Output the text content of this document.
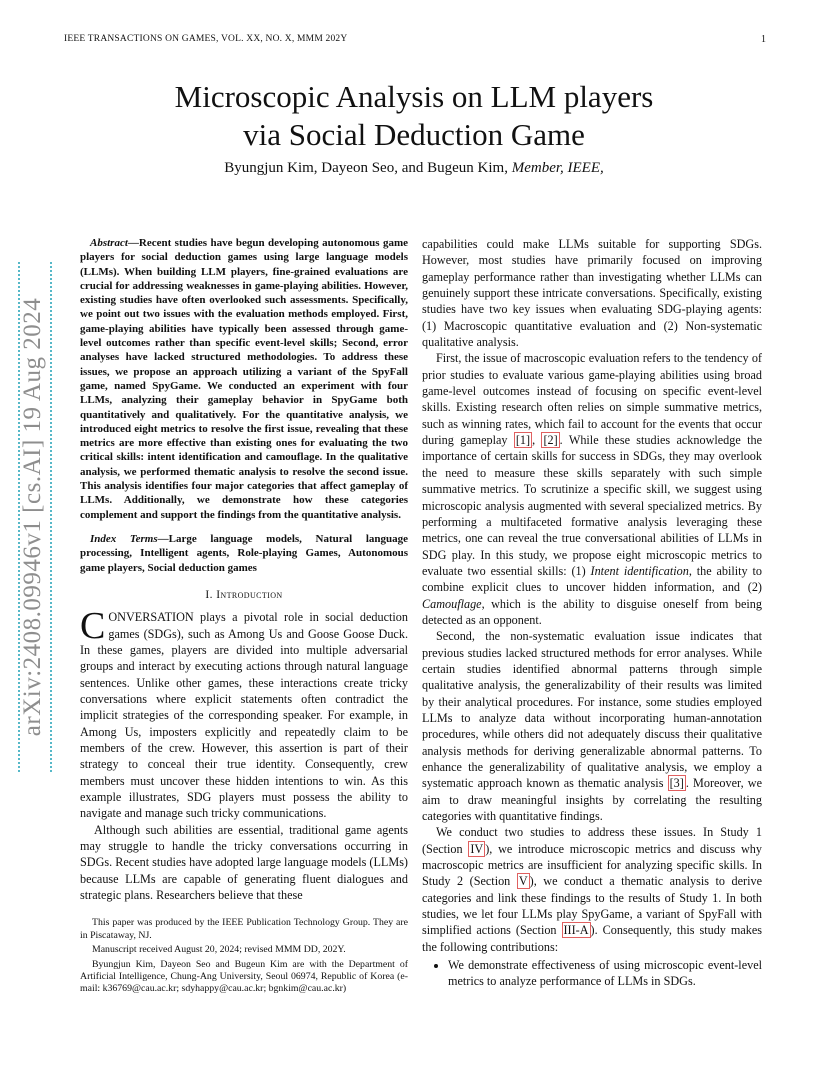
IEEE TRANSACTIONS ON GAMES, VOL. XX, NO. X, MMM 202Y	1
Microscopic Analysis on LLM players
via Social Deduction Game
Byungjun Kim, Dayeon Seo, and Bugeun Kim, Member, IEEE,
arXiv:2408.09946v1 [cs.AI] 19 Aug 2024

Abstract—Recent studies have begun developing autonomous game players for social deduction games using large language models (LLMs). When building LLM players, fine-grained evaluations are crucial for addressing weaknesses in game-playing abilities. However, existing studies have often overlooked such assessments. Specifically, we point out two issues with the evaluation methods employed. First, game-playing abilities have typically been assessed through game-level outcomes rather than specific event-level skills; Second, error analyses have lacked structured methodologies. To address these issues, we propose an approach utilizing a variant of the SpyFall game, named SpyGame. We conducted an experiment with four LLMs, analyzing their gameplay behavior in SpyGame both quantitatively and qualitatively. For the quantitative analysis, we introduced eight metrics to resolve the first issue, revealing that these metrics are more effective than existing ones for evaluating the two critical skills: intent identification and camouflage. In the qualitative analysis, we performed thematic analysis to resolve the second issue. This analysis identifies four major categories that affect gameplay of LLMs. Additionally, we demonstrate how these categories complement and support the findings from the quantitative analysis.

Index Terms—Large language models, Natural language processing, Intelligent agents, Role-playing Games, Autonomous game players, Social deduction games

I. Introduction

CONVERSATION plays a pivotal role in social deduction games (SDGs), such as Among Us and Goose Goose Duck. In these games, players are divided into multiple adversarial groups and interact by executing actions through natural language sentences. Unlike other games, these interactions create tricky conversations where explicit statements often contradict the implicit strategies of the corresponding speaker. For example, in Among Us, imposters explicitly and repeatedly claim to be members of the crew. However, this assertion is part of their strategy to conceal their true identity. Consequently, crew members must uncover these hidden intentions to win. As this example illustrates, SDG players must possess the ability to navigate and manage such tricky communications.

Although such abilities are essential, traditional game agents may struggle to handle the tricky conversations occurring in SDGs. Recent studies have adopted large language models (LLMs) because LLMs are capable of generating fluent dialogues and strategic plans. Researchers believe that these

This paper was produced by the IEEE Publication Technology Group. They are in Piscataway, NJ.

Manuscript received August 20, 2024; revised MMM DD, 202Y.

Byungjun Kim, Dayeon Seo and Bugeun Kim are with the Department of Artificial Intelligence, Chung-Ang University, Seoul 06974, Republic of Korea (e-mail: k36769@cau.ac.kr; sdyhappy@cau.ac.kr; bgnkim@cau.ac.kr)

capabilities could make LLMs suitable for supporting SDGs. However, most studies have primarily focused on improving gameplay performance rather than investigating whether LLMs can genuinely support these intricate conversations. Specifically, existing studies have two key issues when evaluating SDG-playing agents: (1) Macroscopic quantitative evaluation and (2) Non-systematic qualitative analysis.

First, the issue of macroscopic evaluation refers to the tendency of prior studies to evaluate various game-playing abilities using broad game-level outcomes instead of focusing on specific event-level skills. Existing research often relies on simple summative metrics, such as winning rates, which fail to account for the events that occur during gameplay [1] , [2] . While these studies acknowledge the importance of certain skills for success in SDGs, they may overlook the need to measure these skills separately with such simple summative metrics. To scrutinize a specific skill, we suggest using microscopic analysis augmented with several specialized metrics. By performing a multifaceted formative analysis leveraging these metrics, one can reveal the true conversational abilities of LLMs in SDG play. In this study, we propose eight microscopic metrics to evaluate two essential skills: (1) Intent identification, the ability to combine explicit clues to uncover hidden information, and (2) Camouflage, which is the ability to disguise oneself from being detected as an opponent.

Second, the non-systematic evaluation issue indicates that previous studies lacked structured methods for error analyses. While certain studies identified abnormal patterns through simple qualitative analysis, the generalizability of their results was limited by their analytical procedures. For instance, some studies employed LLMs to analyze data without incorporating human-annotation procedures, while others did not adequately discuss their qualitative analysis methods for deriving generalizable abnormal patterns. To enhance the generalizability of qualitative analysis, we employ a systematic approach known as thematic analysis [3] . Moreover, we aim to draw meaningful insights by correlating the resulting categories with quantitative findings.

We conduct two studies to address these issues. In Study 1 (Section IV ), we introduce microscopic metrics and discuss why macroscopic metrics are insufficient for analyzing specific skills. In Study 2 (Section V ), we conduct a thematic analysis to derive categories and link these findings to the results of Study 1. In both studies, we let four LLMs play SpyGame, a variant of SpyFall with simplified actions (Section III-A ). Consequently, this study makes the following contributions:

• We demonstrate effectiveness of using microscopic event-level metrics to analyze performance of LLMs in SDGs.
